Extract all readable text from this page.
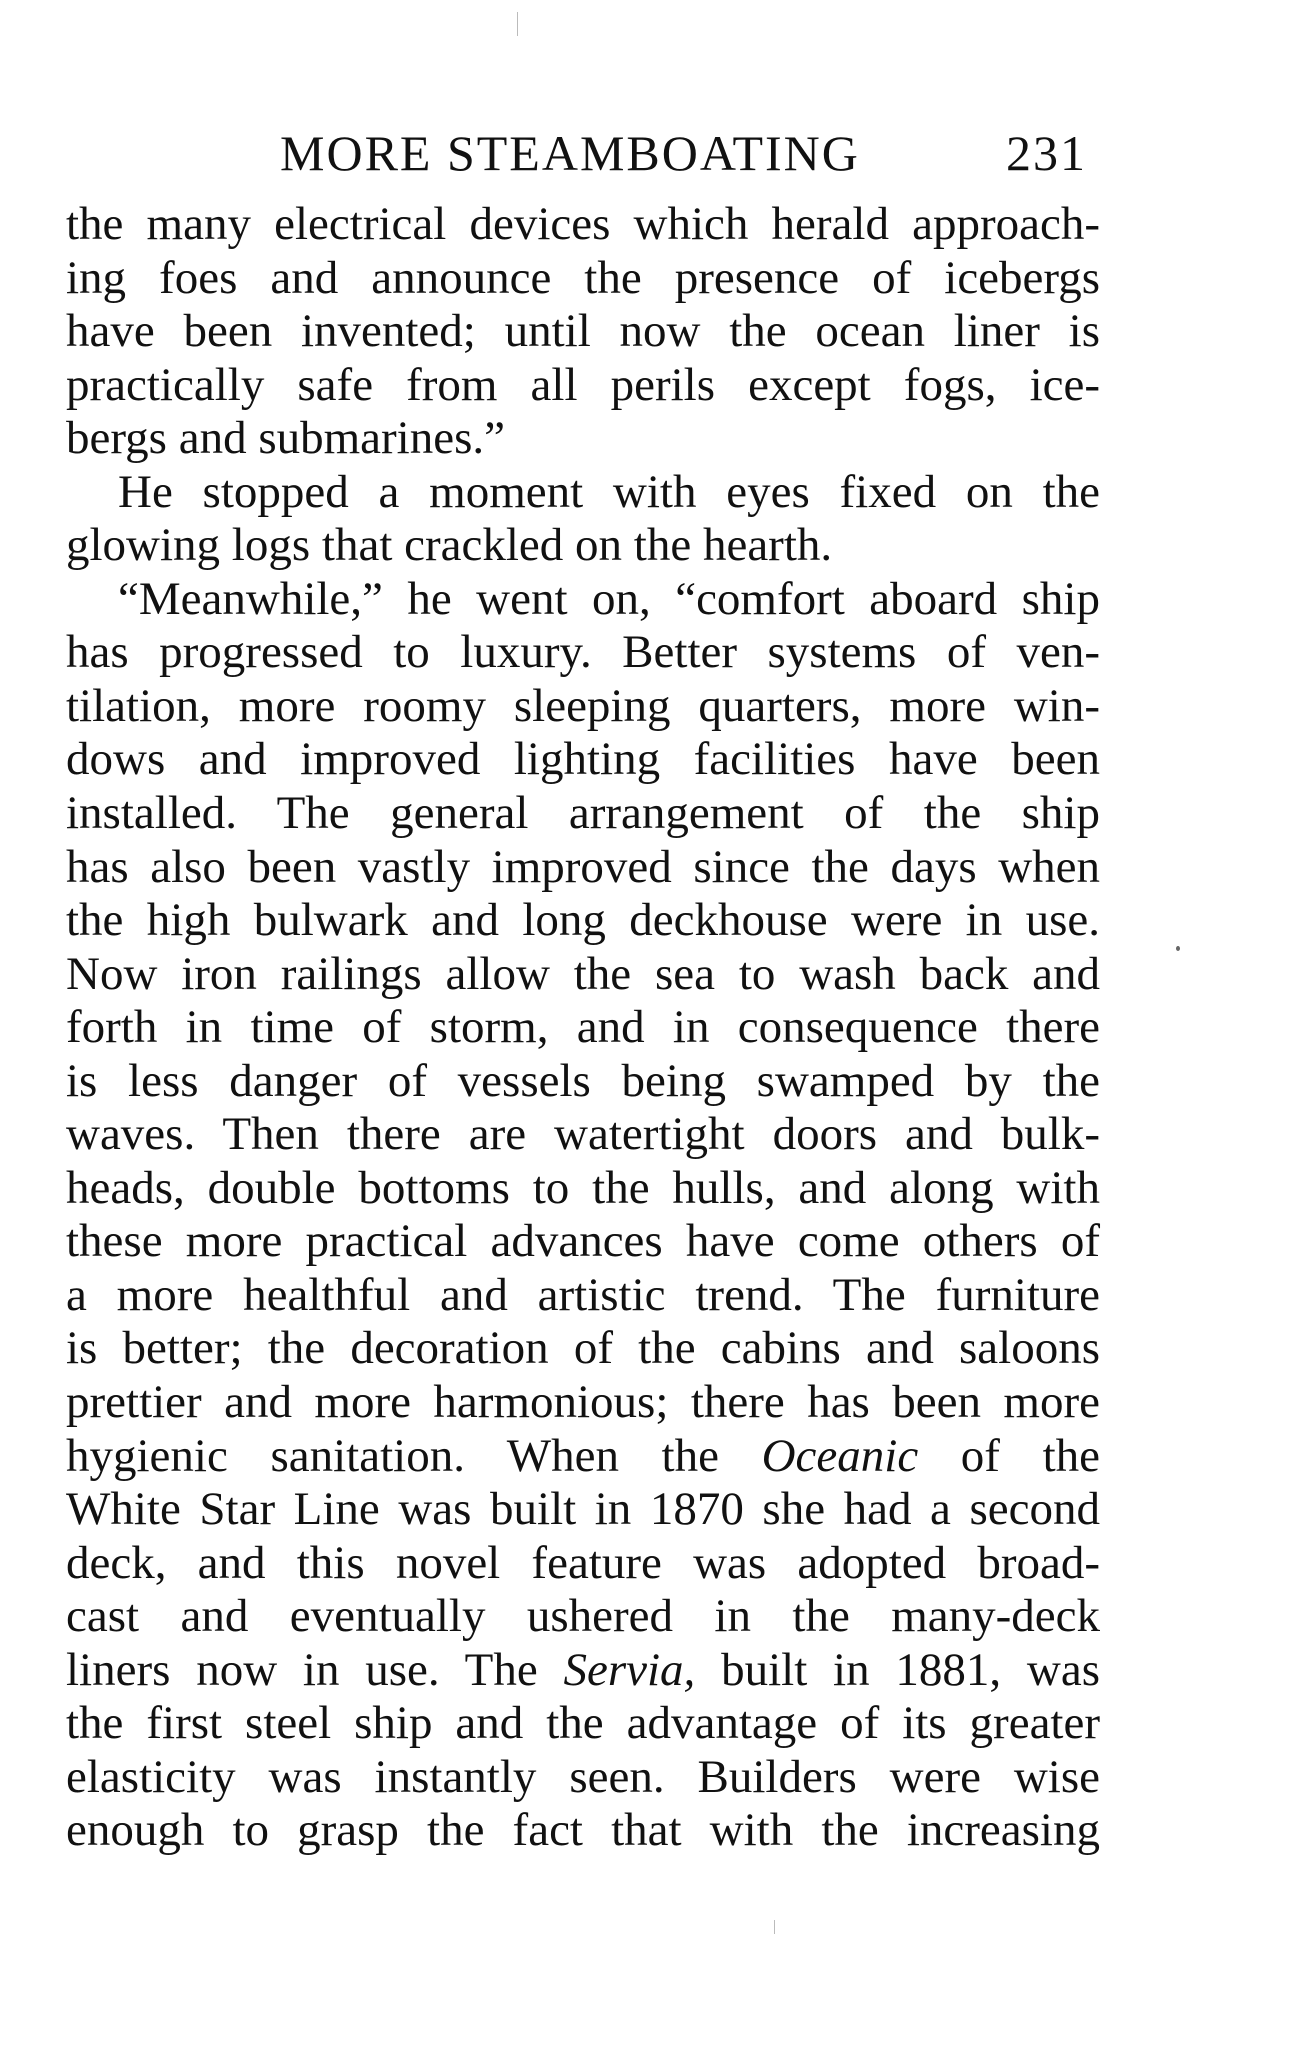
MORE STEAMBOATING	231
the many electrical devices which herald approach-
ing foes and announce the presence of icebergs
have been invented; until now the ocean liner is
practically safe from all perils except fogs, ice-
bergs and submarines.”
He stopped a moment with eyes fixed on the
glowing logs that crackled on the hearth.
“Meanwhile,” he went on, “comfort aboard ship
has progressed to luxury. Better systems of ven-
tilation, more roomy sleeping quarters, more win-
dows and improved lighting facilities have been
installed. The general arrangement of the ship
has also been vastly improved since the days when
the high bulwark and long deckhouse were in use.
Now iron railings allow the sea to wash back and
forth in time of storm, and in consequence there
is less danger of vessels being swamped by the
waves. Then there are watertight doors and bulk-
heads, double bottoms to the hulls, and along with
these more practical advances have come others of
a more healthful and artistic trend. The furniture
is better; the decoration of the cabins and saloons
prettier and more harmonious; there has been more
hygienic sanitation. When the Oceanic of the
White Star Line was built in 1870 she had a second
deck, and this novel feature was adopted broad-
cast and eventually ushered in the many-deck
liners now in use. The Servia, built in 1881, was
the first steel ship and the advantage of its greater
elasticity was instantly seen. Builders were wise
enough to grasp the fact that with the increasing
